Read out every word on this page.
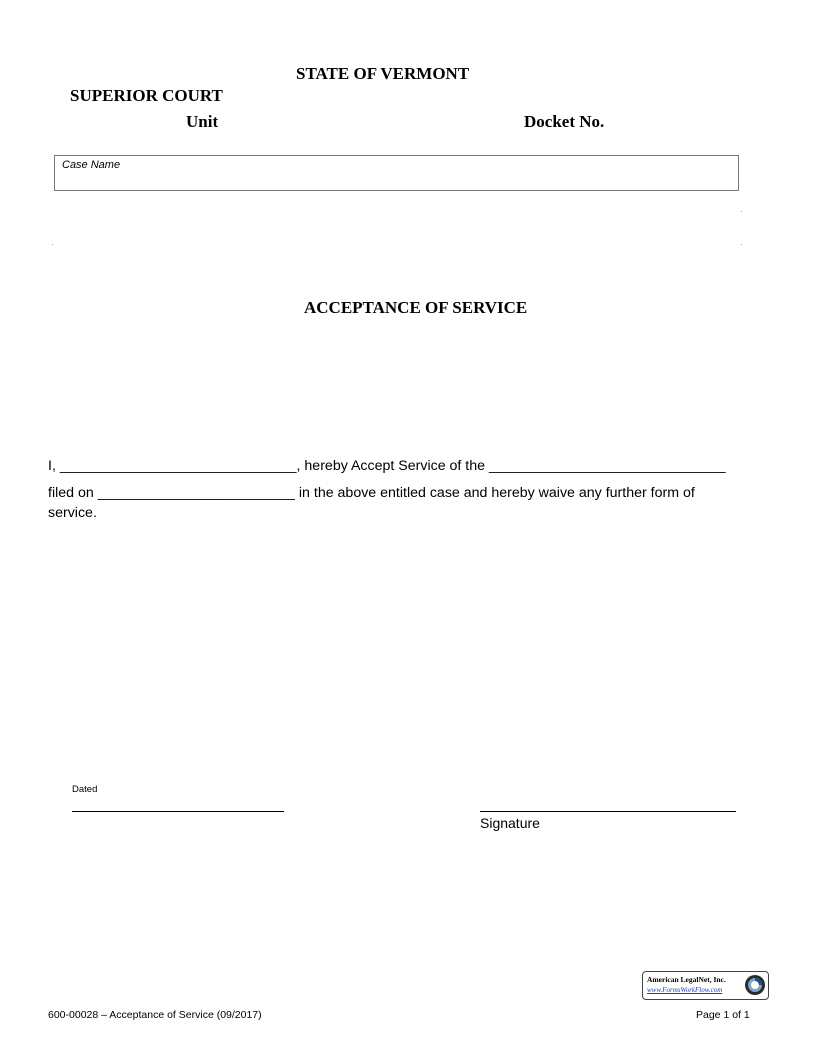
STATE OF VERMONT
SUPERIOR COURT
Unit	Docket No.
Case Name
ACCEPTANCE OF SERVICE
I, ______________________________, hereby Accept Service of the ______________________________
filed on _________________________ in the above entitled case and hereby waive any further form of
service.
Dated
Signature
American LegalNet, Inc.
www.FormsWorkFlow.com
600-00028 – Acceptance of Service (09/2017)	Page 1 of 1
